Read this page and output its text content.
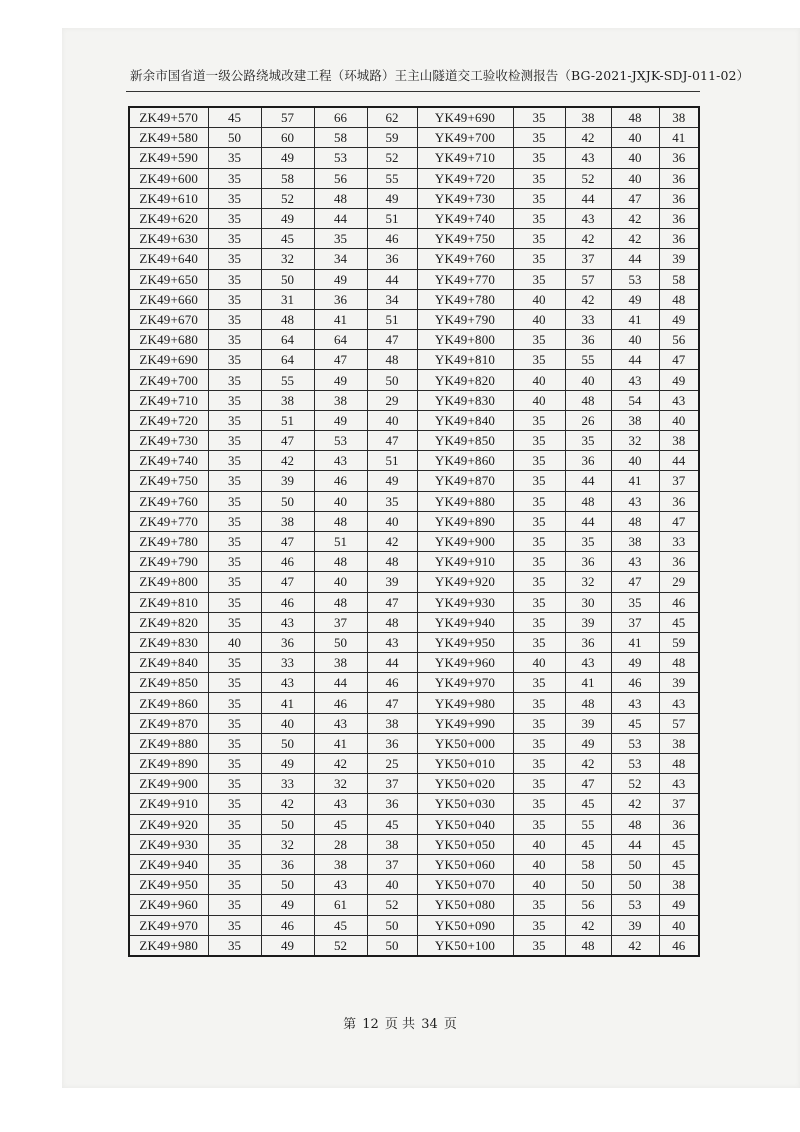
新余市国省道一级公路绕城改建工程（环城路）王主山隧道交工验收检测报告（BG-2021-JXJK-SDJ-011-02）
ZK49+570	45	57	66	62	YK49+690	35	38	48	38
ZK49+580	50	60	58	59	YK49+700	35	42	40	41
ZK49+590	35	49	53	52	YK49+710	35	43	40	36
ZK49+600	35	58	56	55	YK49+720	35	52	40	36
ZK49+610	35	52	48	49	YK49+730	35	44	47	36
ZK49+620	35	49	44	51	YK49+740	35	43	42	36
ZK49+630	35	45	35	46	YK49+750	35	42	42	36
ZK49+640	35	32	34	36	YK49+760	35	37	44	39
ZK49+650	35	50	49	44	YK49+770	35	57	53	58
ZK49+660	35	31	36	34	YK49+780	40	42	49	48
ZK49+670	35	48	41	51	YK49+790	40	33	41	49
ZK49+680	35	64	64	47	YK49+800	35	36	40	56
ZK49+690	35	64	47	48	YK49+810	35	55	44	47
ZK49+700	35	55	49	50	YK49+820	40	40	43	49
ZK49+710	35	38	38	29	YK49+830	40	48	54	43
ZK49+720	35	51	49	40	YK49+840	35	26	38	40
ZK49+730	35	47	53	47	YK49+850	35	35	32	38
ZK49+740	35	42	43	51	YK49+860	35	36	40	44
ZK49+750	35	39	46	49	YK49+870	35	44	41	37
ZK49+760	35	50	40	35	YK49+880	35	48	43	36
ZK49+770	35	38	48	40	YK49+890	35	44	48	47
ZK49+780	35	47	51	42	YK49+900	35	35	38	33
ZK49+790	35	46	48	48	YK49+910	35	36	43	36
ZK49+800	35	47	40	39	YK49+920	35	32	47	29
ZK49+810	35	46	48	47	YK49+930	35	30	35	46
ZK49+820	35	43	37	48	YK49+940	35	39	37	45
ZK49+830	40	36	50	43	YK49+950	35	36	41	59
ZK49+840	35	33	38	44	YK49+960	40	43	49	48
ZK49+850	35	43	44	46	YK49+970	35	41	46	39
ZK49+860	35	41	46	47	YK49+980	35	48	43	43
ZK49+870	35	40	43	38	YK49+990	35	39	45	57
ZK49+880	35	50	41	36	YK50+000	35	49	53	38
ZK49+890	35	49	42	25	YK50+010	35	42	53	48
ZK49+900	35	33	32	37	YK50+020	35	47	52	43
ZK49+910	35	42	43	36	YK50+030	35	45	42	37
ZK49+920	35	50	45	45	YK50+040	35	55	48	36
ZK49+930	35	32	28	38	YK50+050	40	45	44	45
ZK49+940	35	36	38	37	YK50+060	40	58	50	45
ZK49+950	35	50	43	40	YK50+070	40	50	50	38
ZK49+960	35	49	61	52	YK50+080	35	56	53	49
ZK49+970	35	46	45	50	YK50+090	35	42	39	40
ZK49+980	35	49	52	50	YK50+100	35	48	42	46
第 12 页 共 34 页
